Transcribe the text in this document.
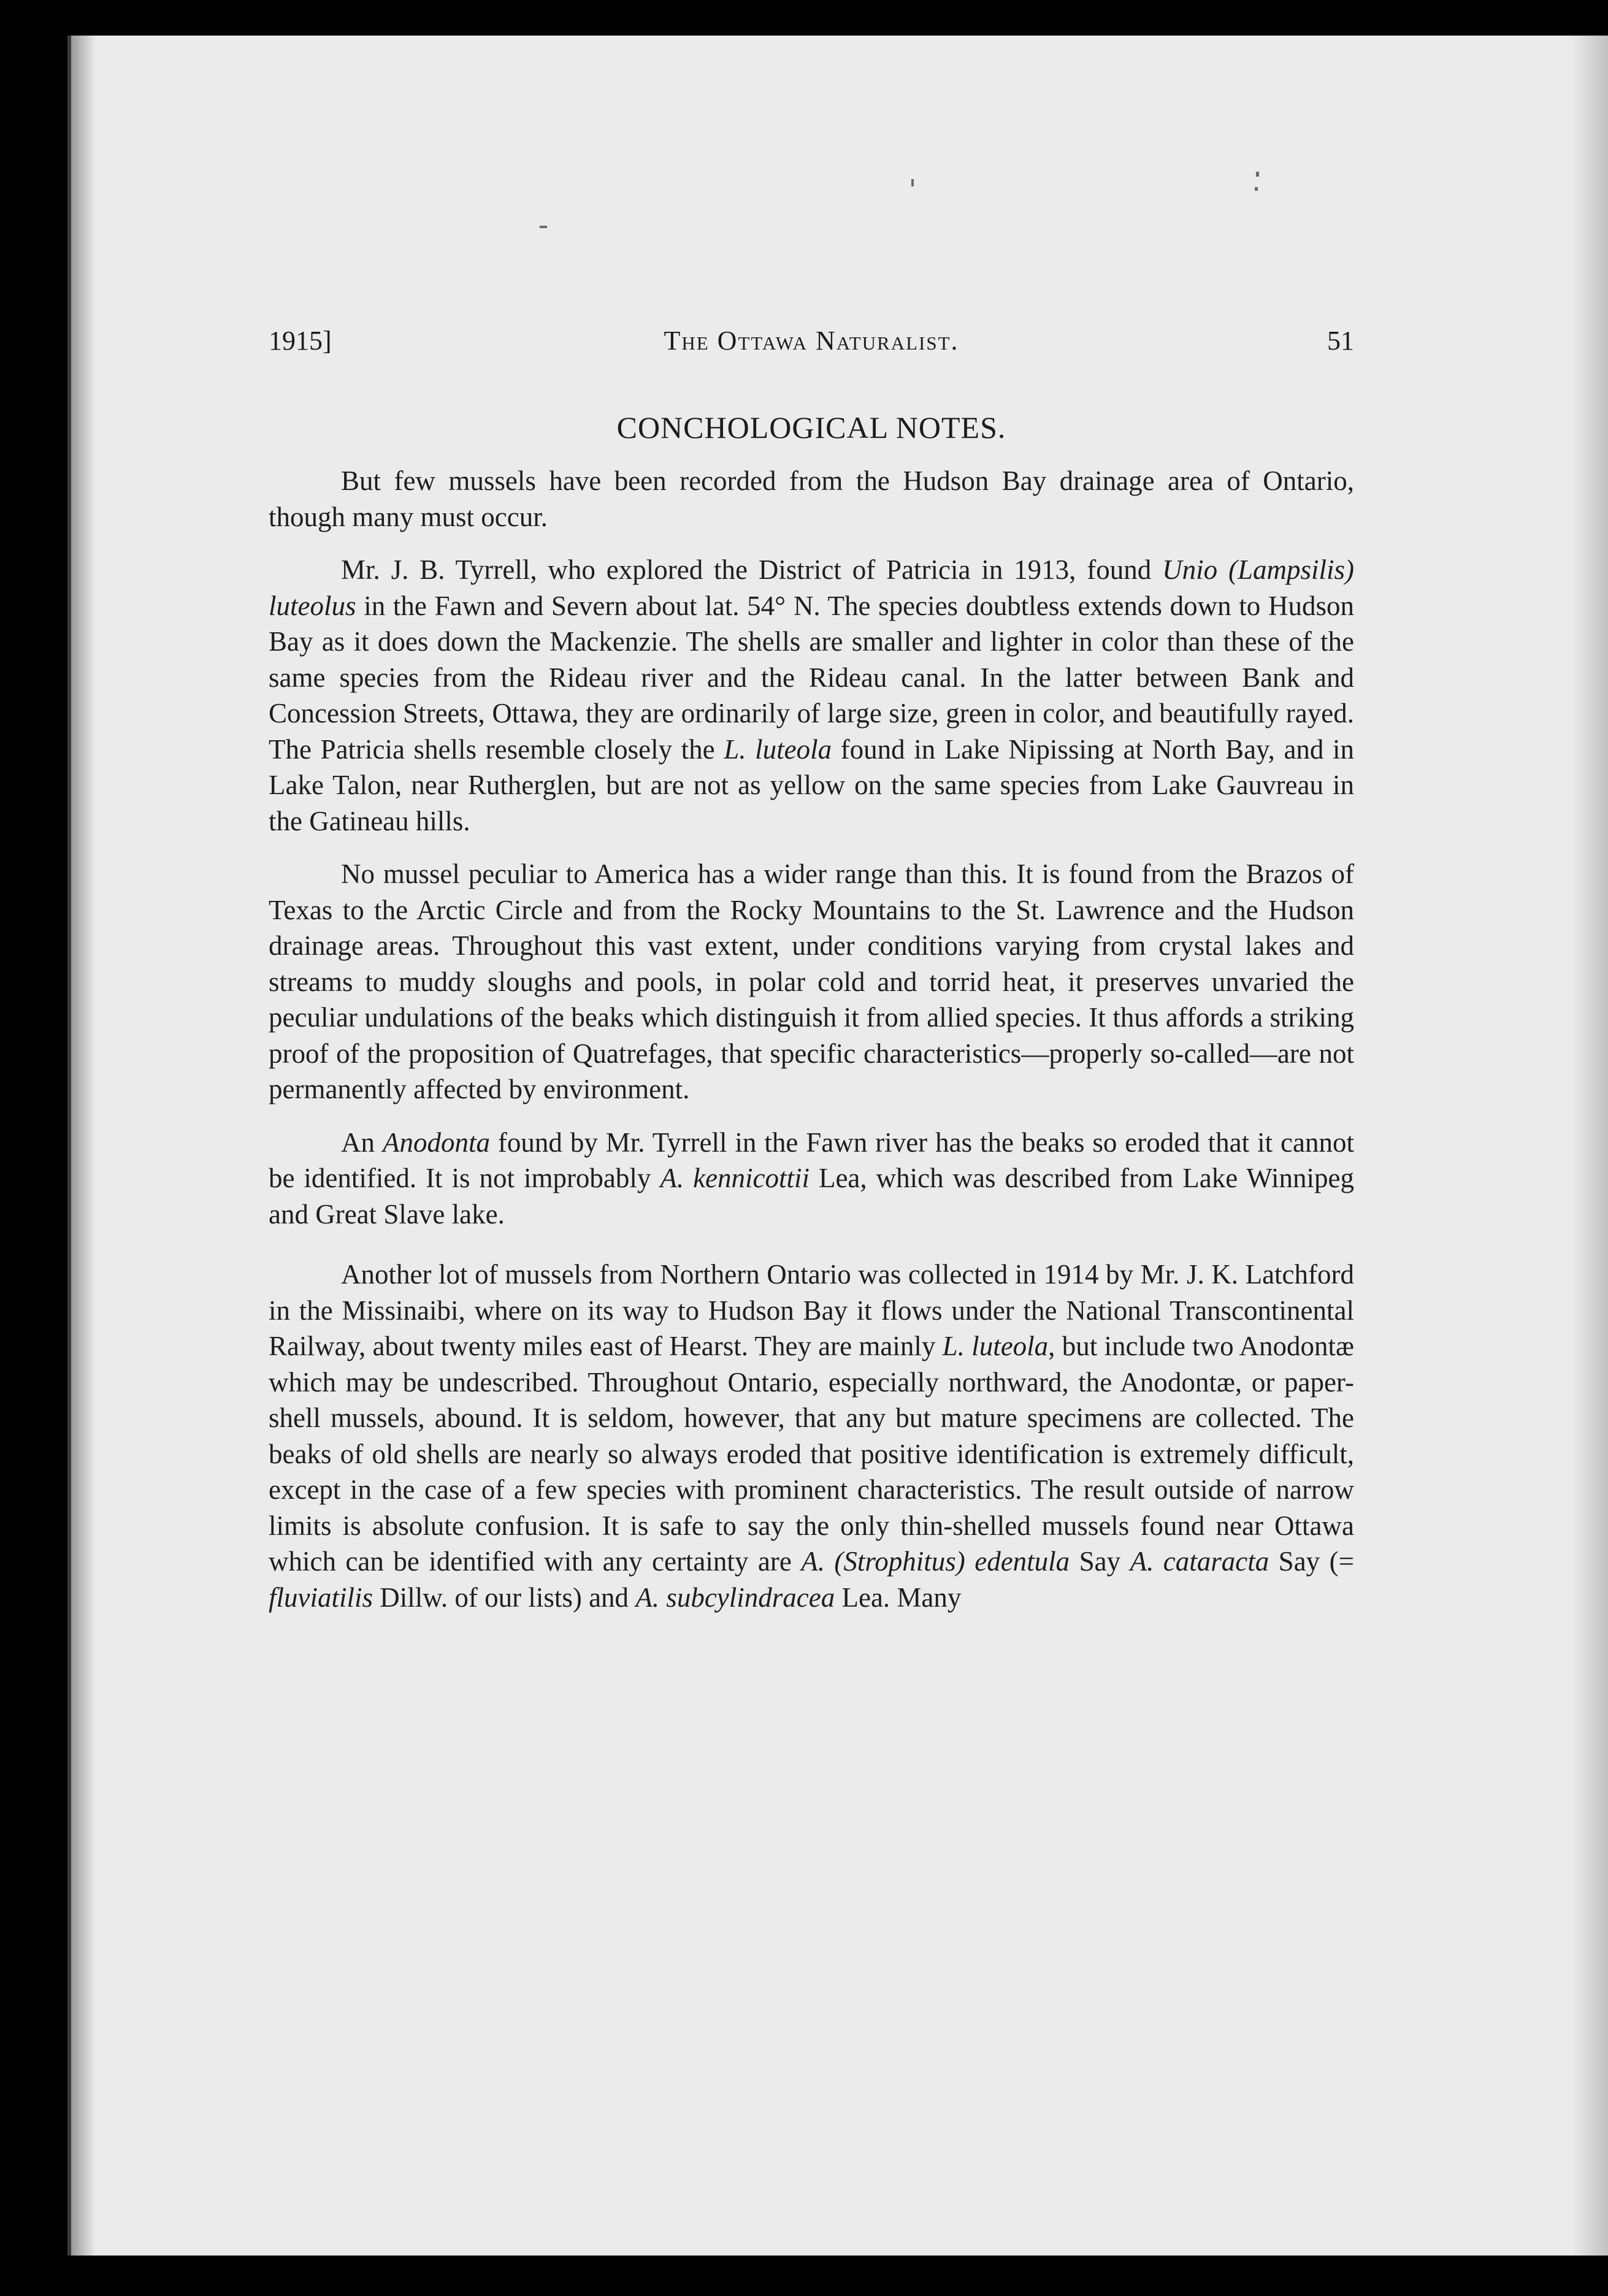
1915]	The Ottawa Naturalist.	51
CONCHOLOGICAL NOTES.

But few mussels have been recorded from the Hudson Bay drainage area of Ontario, though many must occur.

Mr. J. B. Tyrrell, who explored the District of Patricia in 1913, found Unio (Lampsilis) luteolus in the Fawn and Severn about lat. 54° N. The species doubtless extends down to Hudson Bay as it does down the Mackenzie. The shells are smaller and lighter in color than these of the same species from the Rideau river and the Rideau canal. In the latter between Bank and Concession Streets, Ottawa, they are ordinarily of large size, green in color, and beautifully rayed. The Patricia shells resemble closely the L. luteola found in Lake Nipissing at North Bay, and in Lake Talon, near Rutherglen, but are not as yellow on the same species from Lake Gauvreau in the Gatineau hills.

No mussel peculiar to America has a wider range than this. It is found from the Brazos of Texas to the Arctic Circle and from the Rocky Mountains to the St. Lawrence and the Hudson drainage areas. Throughout this vast extent, under conditions varying from crystal lakes and streams to muddy sloughs and pools, in polar cold and torrid heat, it preserves unvaried the peculiar undulations of the beaks which distinguish it from allied species. It thus affords a striking proof of the proposition of Quatrefages, that specific characteristics—properly so-called—are not permanently affected by environment.

An Anodonta found by Mr. Tyrrell in the Fawn river has the beaks so eroded that it cannot be identified. It is not improbably A. kennicottii Lea, which was described from Lake Winnipeg and Great Slave lake.

Another lot of mussels from Northern Ontario was collected in 1914 by Mr. J. K. Latchford in the Missinaibi, where on its way to Hudson Bay it flows under the National Transcontinental Railway, about twenty miles east of Hearst. They are mainly L. luteola, but include two Anodontæ which may be undescribed. Throughout Ontario, especially northward, the Anodontæ, or paper-shell mussels, abound. It is seldom, however, that any but mature specimens are collected. The beaks of old shells are nearly so always eroded that positive identification is extremely difficult, except in the case of a few species with prominent characteristics. The result outside of narrow limits is absolute confusion. It is safe to say the only thin-shelled mussels found near Ottawa which can be identified with any certainty are A. (Strophitus) edentula Say A. cataracta Say (= fluviatilis Dillw. of our lists) and A. subcylindracea Lea. Many
